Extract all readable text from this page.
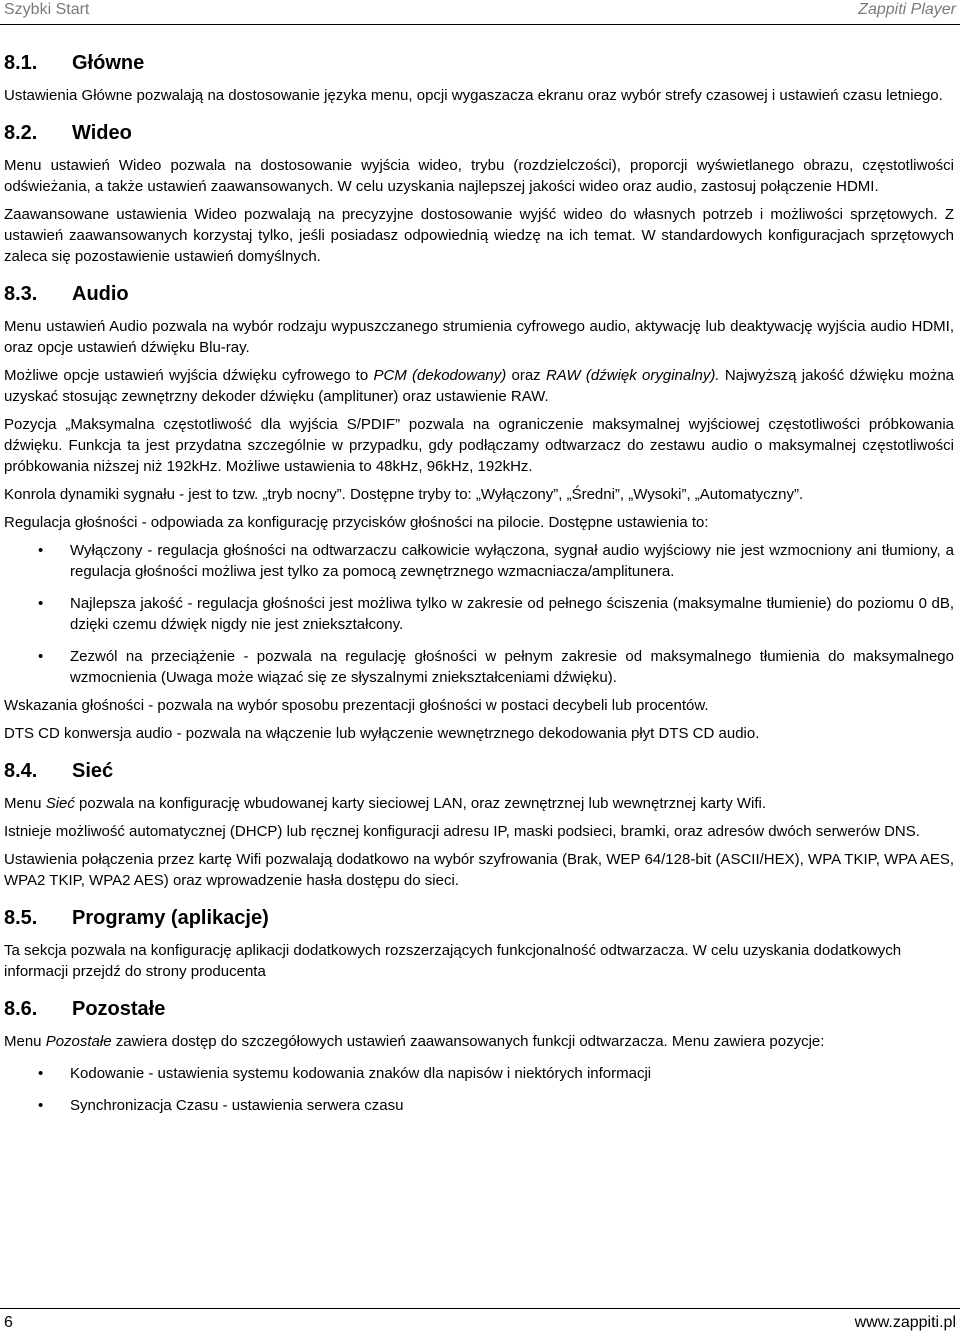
Szybki Start	Zappiti Player
8.1.	Główne

Ustawienia Główne pozwalają na dostosowanie języka menu, opcji wygaszacza ekranu oraz wybór strefy czasowej i ustawień czasu letniego.

8.2.	Wideo

Menu ustawień Wideo pozwala na dostosowanie wyjścia wideo, trybu (rozdzielczości), proporcji wyświetlanego obrazu, częstotliwości odświeżania, a także ustawień zaawansowanych. W celu uzyskania najlepszej jakości wideo oraz audio, zastosuj połączenie HDMI.

Zaawansowane ustawienia Wideo pozwalają na precyzyjne dostosowanie wyjść wideo do własnych potrzeb i możliwości sprzętowych. Z ustawień zaawansowanych korzystaj tylko, jeśli posiadasz odpowiednią wiedzę na ich temat. W standardowych konfiguracjach sprzętowych zaleca się pozostawienie ustawień domyślnych.

8.3.	Audio

Menu ustawień Audio pozwala na wybór rodzaju wypuszczanego strumienia cyfrowego audio, aktywację lub deaktywację wyjścia audio HDMI, oraz opcje ustawień dźwięku Blu-ray.

Możliwe opcje ustawień wyjścia dźwięku cyfrowego to PCM (dekodowany) oraz RAW (dźwięk oryginalny). Najwyższą jakość dźwięku można uzyskać stosując zewnętrzny dekoder dźwięku (amplituner) oraz ustawienie RAW.

Pozycja „Maksymalna częstotliwość dla wyjścia S/PDIF” pozwala na ograniczenie maksymalnej wyjściowej częstotliwości próbkowania dźwięku. Funkcja ta jest przydatna szczególnie w przypadku, gdy podłączamy odtwarzacz do zestawu audio o maksymalnej częstotliwości próbkowania niższej niż 192kHz. Możliwe ustawienia to 48kHz, 96kHz, 192kHz.

Konrola dynamiki sygnału - jest to tzw. „tryb nocny”. Dostępne tryby to: „Wyłączony”, „Średni”, „Wysoki”, „Automatyczny”.

Regulacja głośności - odpowiada za konfigurację przycisków głośności na pilocie. Dostępne ustawienia to:

• Wyłączony - regulacja głośności na odtwarzaczu całkowicie wyłączona, sygnał audio wyjściowy nie jest wzmocniony ani tłumiony, a regulacja głośności możliwa jest tylko za pomocą zewnętrznego wzmacniacza/amplitunera.
• Najlepsza jakość - regulacja głośności jest możliwa tylko w zakresie od pełnego ściszenia (maksymalne tłumienie) do poziomu 0 dB, dzięki czemu dźwięk nigdy nie jest zniekształcony.
• Zezwól na przeciążenie - pozwala na regulację głośności w pełnym zakresie od maksymalnego tłumienia do maksymalnego wzmocnienia (Uwaga może wiązać się ze słyszalnymi zniekształceniami dźwięku).

Wskazania głośności - pozwala na wybór sposobu prezentacji głośności w postaci decybeli lub procentów.

DTS CD konwersja audio - pozwala na włączenie lub wyłączenie wewnętrznego dekodowania płyt DTS CD audio.

8.4.	Sieć

Menu Sieć pozwala na konfigurację wbudowanej karty sieciowej LAN, oraz zewnętrznej lub wewnętrznej karty Wifi.

Istnieje możliwość automatycznej (DHCP) lub ręcznej konfiguracji adresu IP, maski podsieci, bramki, oraz adresów dwóch serwerów DNS.

Ustawienia połączenia przez kartę Wifi pozwalają dodatkowo na wybór szyfrowania (Brak, WEP 64/128-bit (ASCII/HEX), WPA TKIP, WPA AES, WPA2 TKIP, WPA2 AES) oraz wprowadzenie hasła dostępu do sieci.

8.5.	Programy (aplikacje)

Ta sekcja pozwala na konfigurację aplikacji dodatkowych rozszerzających funkcjonalność odtwarzacza. W celu uzyskania dodatkowych informacji przejdź do strony producenta

8.6.	Pozostałe

Menu Pozostałe zawiera dostęp do szczegółowych ustawień zaawansowanych funkcji odtwarzacza. Menu zawiera pozycje:

• Kodowanie - ustawienia systemu kodowania znaków dla napisów i niektórych informacji
• Synchronizacja Czasu - ustawienia serwera czasu
6	www.zappiti.pl
